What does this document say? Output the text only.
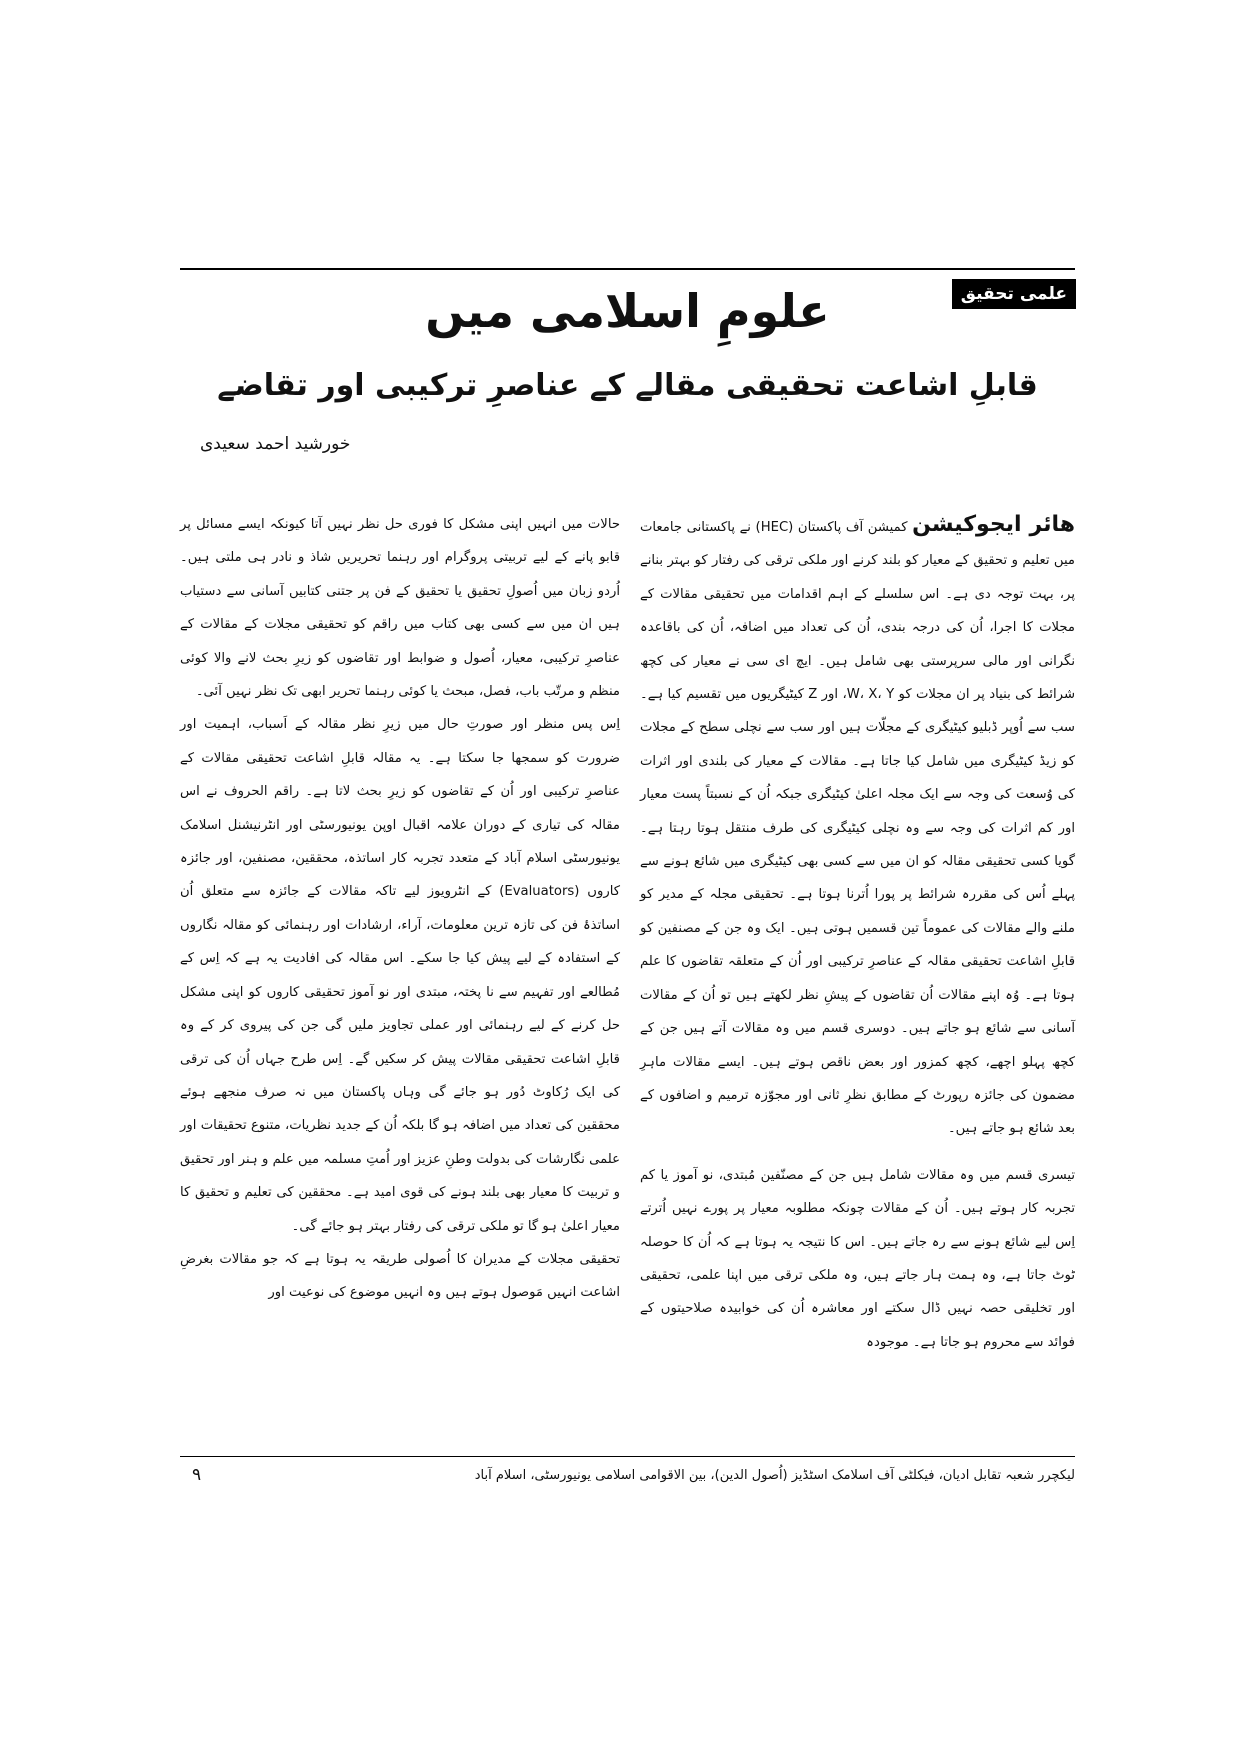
علمی تحقیق
علومِ اسلامی میں
قابلِ اشاعت تحقیقی مقالے کے عناصرِ ترکیبی اور تقاضے
خورشید احمد سعیدی

ھائر ایجوکیشن کمیشن آف پاکستان (HEC) نے پاکستانی جامعات میں تعلیم و تحقیق کے معیار کو بلند کرنے اور ملکی ترقی کی رفتار کو بہتر بنانے پر، بہت توجہ دی ہے۔ اس سلسلے کے اہم اقدامات میں تحقیقی مقالات کے مجلات کا اجرا، اُن کی درجہ بندی، اُن کی تعداد میں اضافہ، اُن کی باقاعدہ نگرانی اور مالی سرپرستی بھی شامل ہیں۔ ایچ ای سی نے معیار کی کچھ شرائط کی بنیاد پر ان مجلات کو W، X، Y، اور Z کیٹیگریوں میں تقسیم کیا ہے۔ سب سے اُوپر ڈبلیو کیٹیگری کے مجلّات ہیں اور سب سے نچلی سطح کے مجلات کو زیڈ کیٹیگری میں شامل کیا جاتا ہے۔ مقالات کے معیار کی بلندی اور اثرات کی وُسعت کی وجہ سے ایک مجلہ اعلیٰ کیٹیگری جبکہ اُن کے نسبتاً پست معیار اور کم اثرات کی وجہ سے وہ نچلی کیٹیگری کی طرف منتقل ہوتا رہتا ہے۔ گویا کسی تحقیقی مقالہ کو ان میں سے کسی بھی کیٹیگری میں شائع ہونے سے پہلے اُس کی مقررہ شرائط پر پورا اُترنا ہوتا ہے۔ تحقیقی مجلہ کے مدیر کو ملنے والے مقالات کی عموماً تین قسمیں ہوتی ہیں۔ ایک وہ جن کے مصنفین کو قابلِ اشاعت تحقیقی مقالہ کے عناصرِ ترکیبی اور اُن کے متعلقہ تقاضوں کا علم ہوتا ہے۔ وُہ اپنے مقالات اُن تقاضوں کے پیشِ نظر لکھتے ہیں تو اُن کے مقالات آسانی سے شائع ہو جاتے ہیں۔ دوسری قسم میں وہ مقالات آتے ہیں جن کے کچھ پہلو اچھے، کچھ کمزور اور بعض ناقص ہوتے ہیں۔ ایسے مقالات ماہرِ مضمون کی جائزہ رپورٹ کے مطابق نظرِ ثانی اور مجوّزہ ترمیم و اضافوں کے بعد شائع ہو جاتے ہیں۔

تیسری قسم میں وہ مقالات شامل ہیں جن کے مصنّفین مُبتدی، نو آموز یا کم تجربہ کار ہوتے ہیں۔ اُن کے مقالات چونکہ مطلوبہ معیار پر پورے نہیں اُترتے اِس لیے شائع ہونے سے رہ جاتے ہیں۔ اس کا نتیجہ یہ ہوتا ہے کہ اُن کا حوصلہ ٹوٹ جاتا ہے، وہ ہمت ہار جاتے ہیں، وہ ملکی ترقی میں اپنا علمی، تحقیقی اور تخلیقی حصہ نہیں ڈال سکتے اور معاشرہ اُن کی خوابیدہ صلاحیتوں کے فوائد سے محروم ہو جاتا ہے۔ موجودہ

حالات میں انہیں اپنی مشکل کا فوری حل نظر نہیں آتا کیونکہ ایسے مسائل پر قابو پانے کے لیے تربیتی پروگرام اور رہنما تحریریں شاذ و نادر ہی ملتی ہیں۔ اُردو زبان میں اُصولِ تحقیق یا تحقیق کے فن پر جتنی کتابیں آسانی سے دستیاب ہیں ان میں سے کسی بھی کتاب میں راقم کو تحقیقی مجلات کے مقالات کے عناصرِ ترکیبی، معیار، اُصول و ضوابط اور تقاضوں کو زیرِ بحث لانے والا کوئی منظم و مرتّب باب، فصل، مبحث یا کوئی رہنما تحریر ابھی تک نظر نہیں آئی۔

اِس پس منظر اور صورتِ حال میں زیرِ نظر مقالہ کے اَسباب، اہمیت اور ضرورت کو سمجھا جا سکتا ہے۔ یہ مقالہ قابلِ اشاعت تحقیقی مقالات کے عناصرِ ترکیبی اور اُن کے تقاضوں کو زیرِ بحث لاتا ہے۔ راقم الحروف نے اس مقالہ کی تیاری کے دوران علامہ اقبال اوپن یونیورسٹی اور انٹرنیشنل اسلامک یونیورسٹی اسلام آباد کے متعدد تجربہ کار اساتذہ، محققین، مصنفین، اور جائزہ کاروں (Evaluators) کے انٹرویوز لیے تاکہ مقالات کے جائزہ سے متعلق اُن اساتذۂ فن کی تازہ ترین معلومات، آراء، ارشادات اور رہنمائی کو مقالہ نگاروں کے استفادہ کے لیے پیش کیا جا سکے۔ اس مقالہ کی افادیت یہ ہے کہ اِس کے مُطالعے اور تفہیم سے نا پختہ، مبتدی اور نو آموز تحقیقی کاروں کو اپنی مشکل حل کرنے کے لیے رہنمائی اور عملی تجاویز ملیں گی جن کی پیروی کر کے وہ قابلِ اشاعت تحقیقی مقالات پیش کر سکیں گے۔ اِس طرح جہاں اُن کی ترقی کی ایک رُکاوٹ دُور ہو جائے گی وہاں پاکستان میں نہ صرف منجھے ہوئے محققین کی تعداد میں اضافہ ہو گا بلکہ اُن کے جدید نظریات، متنوع تحقیقات اور علمی نگارشات کی بدولت وطنِ عزیز اور اُمتِ مسلمہ میں علم و ہنر اور تحقیق و تربیت کا معیار بھی بلند ہونے کی قوی امید ہے۔ محققین کی تعلیم و تحقیق کا معیار اعلیٰ ہو گا تو ملکی ترقی کی رفتار بہتر ہو جائے گی۔

تحقیقی مجلات کے مدیران کا اُصولی طریقہ یہ ہوتا ہے کہ جو مقالات بغرضِ اشاعت انہیں مَوصول ہوتے ہیں وہ انہیں موضوع کی نوعیت اور

لیکچرر شعبہ تقابل ادیان، فیکلٹی آف اسلامک اسٹڈیز (اُصول الدین)، بین الاقوامی اسلامی یونیورسٹی، اسلام آباد
۹
